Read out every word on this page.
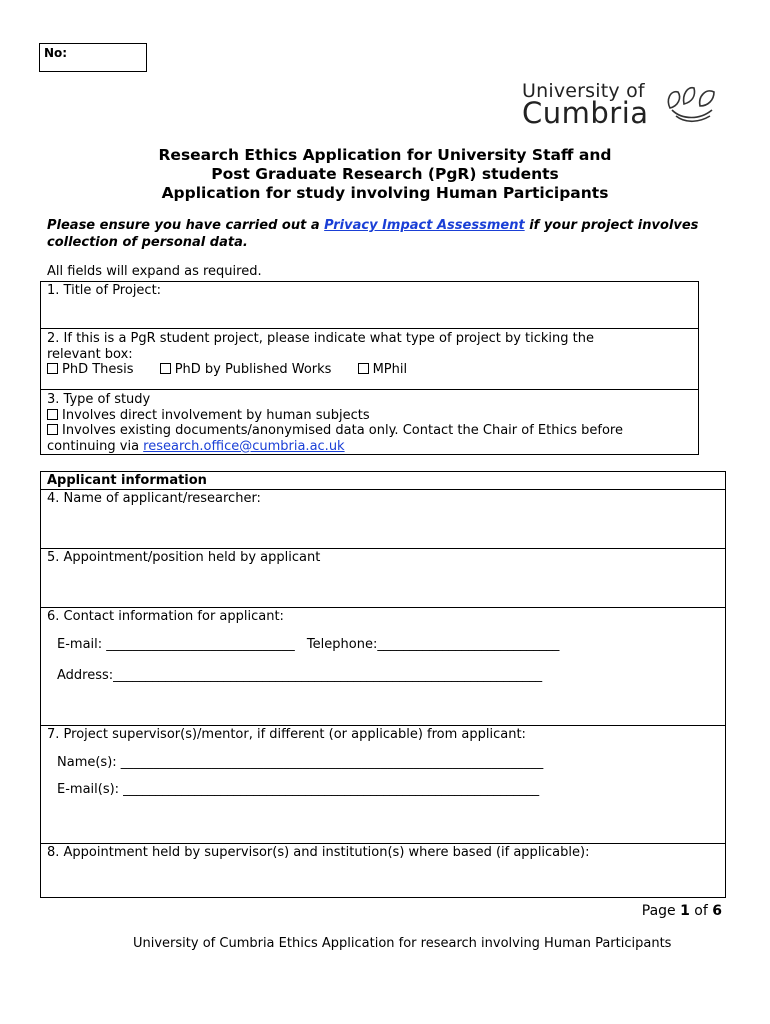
No:
University of
Cumbria
Research Ethics Application for University Staff and
Post Graduate Research (PgR) students
Application for study involving Human Participants
Please ensure you have carried out a Privacy Impact Assessment if your project involves collection of personal data.
All fields will expand as required.
1. Title of Project:

2. If this is a PgR student project, please indicate what type of project by ticking the
relevant box:
PhD Thesis	PhD by Published Works	MPhil

3. Type of study
Involves direct involvement by human subjects
Involves existing documents/anonymised data only. Contact the Chair of Ethics before
continuing via research.office@cumbria.ac.uk
Applicant information
4. Name of applicant/researcher:
5. Appointment/position held by applicant

6. Contact information for applicant:
E-mail: _____________________________ Telephone:____________________________
Address:__________________________________________________________________

7. Project supervisor(s)/mentor, if different (or applicable) from applicant:
Name(s): _________________________________________________________________
E-mail(s): ________________________________________________________________

8. Appointment held by supervisor(s) and institution(s) where based (if applicable):
Page 1 of 6
University of Cumbria Ethics Application for research involving Human Participants
